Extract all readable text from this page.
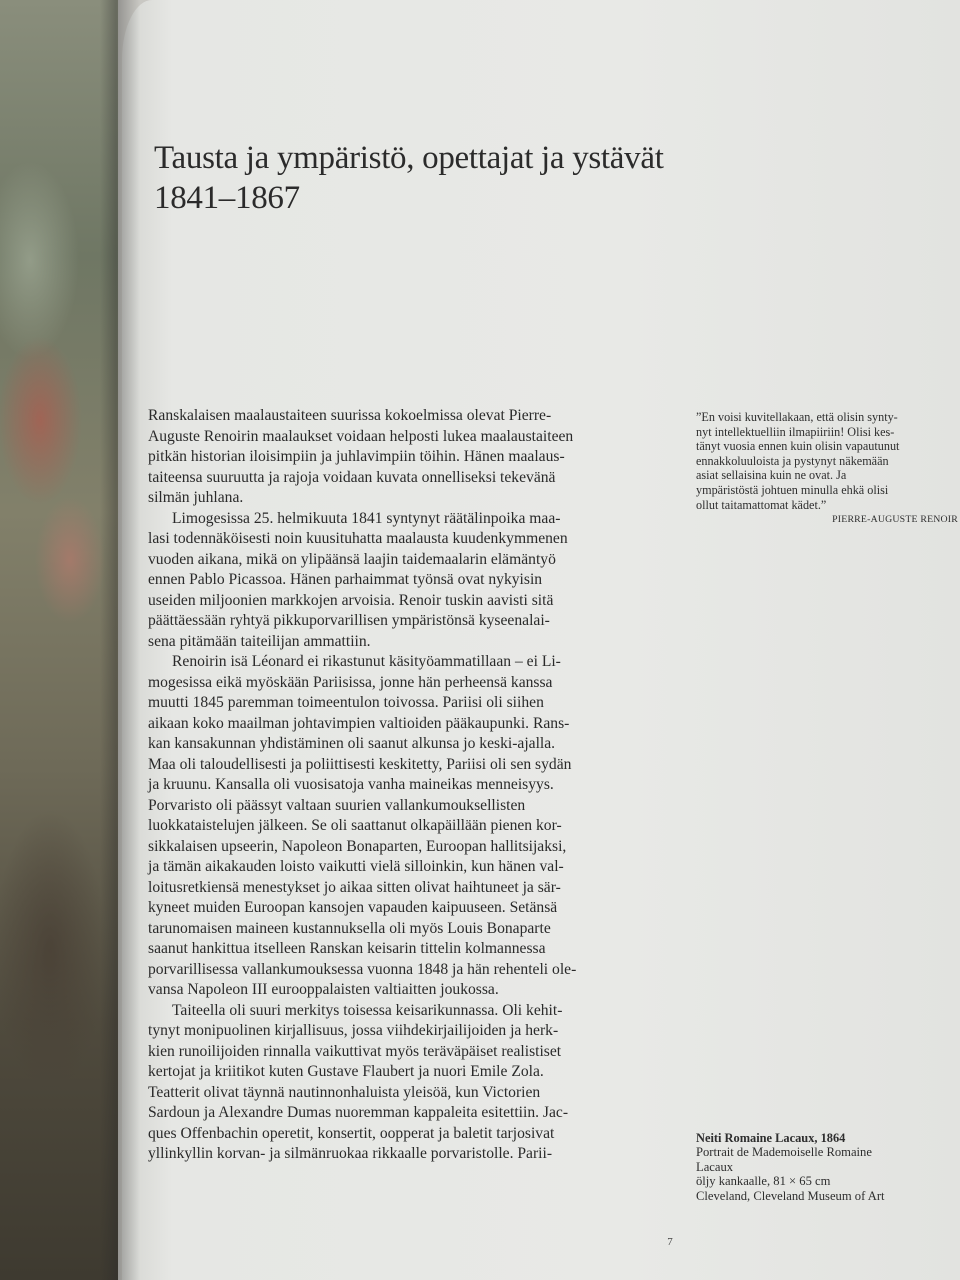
Tausta ja ympäristö, opettajat ja ystävät
1841–1867
Ranskalaisen maalaustaiteen suurissa kokoelmissa olevat Pierre-
Auguste Renoirin maalaukset voidaan helposti lukea maalaustaiteen
pitkän historian iloisimpiin ja juhlavimpiin töihin. Hänen maalaus-
taiteensa suuruutta ja rajoja voidaan kuvata onnelliseksi tekevänä
silmän juhlana.
Limogesissa 25. helmikuuta 1841 syntynyt räätälinpoika maa-
lasi todennäköisesti noin kuusituhatta maalausta kuudenkymmenen
vuoden aikana, mikä on ylipäänsä laajin taidemaalarin elämäntyö
ennen Pablo Picassoa. Hänen parhaimmat työnsä ovat nykyisin
useiden miljoonien markkojen arvoisia. Renoir tuskin aavisti sitä
päättäessään ryhtyä pikkuporvarillisen ympäristönsä kyseenalai-
sena pitämään taiteilijan ammattiin.
Renoirin isä Léonard ei rikastunut käsityöammatillaan – ei Li-
mogesissa eikä myöskään Pariisissa, jonne hän perheensä kanssa
muutti 1845 paremman toimeentulon toivossa. Pariisi oli siihen
aikaan koko maailman johtavimpien valtioiden pääkaupunki. Rans-
kan kansakunnan yhdistäminen oli saanut alkunsa jo keski-ajalla.
Maa oli taloudellisesti ja poliittisesti keskitetty, Pariisi oli sen sydän
ja kruunu. Kansalla oli vuosisatoja vanha maineikas menneisyys.
Porvaristo oli päässyt valtaan suurien vallankumouksellisten
luokkataistelujen jälkeen. Se oli saattanut olkapäillään pienen kor-
sikkalaisen upseerin, Napoleon Bonaparten, Euroopan hallitsijaksi,
ja tämän aikakauden loisto vaikutti vielä silloinkin, kun hänen val-
loitusretkiensä menestykset jo aikaa sitten olivat haihtuneet ja sär-
kyneet muiden Euroopan kansojen vapauden kaipuuseen. Setänsä
tarunomaisen maineen kustannuksella oli myös Louis Bonaparte
saanut hankittua itselleen Ranskan keisarin tittelin kolmannessa
porvarillisessa vallankumouksessa vuonna 1848 ja hän rehenteli ole-
vansa Napoleon III eurooppalaisten valtiaitten joukossa.
Taiteella oli suuri merkitys toisessa keisarikunnassa. Oli kehit-
tynyt monipuolinen kirjallisuus, jossa viihdekirjailijoiden ja herk-
kien runoilijoiden rinnalla vaikuttivat myös teräväpäiset realistiset
kertojat ja kriitikot kuten Gustave Flaubert ja nuori Emile Zola.
Teatterit olivat täynnä nautinnonhaluista yleisöä, kun Victorien
Sardoun ja Alexandre Dumas nuoremman kappaleita esitettiin. Jac-
ques Offenbachin operetit, konsertit, oopperat ja baletit tarjosivat
yllinkyllin korvan- ja silmänruokaa rikkaalle porvaristolle. Parii-
”En voisi kuvitellakaan, että olisin synty-
nyt intellektuelliin ilmapiiriin! Olisi kes-
tänyt vuosia ennen kuin olisin vapautunut
ennakkoluuloista ja pystynyt näkemään
asiat sellaisina kuin ne ovat. Ja
ympäristöstä johtuen minulla ehkä olisi
ollut taitamattomat kädet.”
PIERRE-AUGUSTE RENOIR
Neiti Romaine Lacaux, 1864
Portrait de Mademoiselle Romaine
Lacaux
öljy kankaalle, 81 × 65 cm
Cleveland, Cleveland Museum of Art
7
